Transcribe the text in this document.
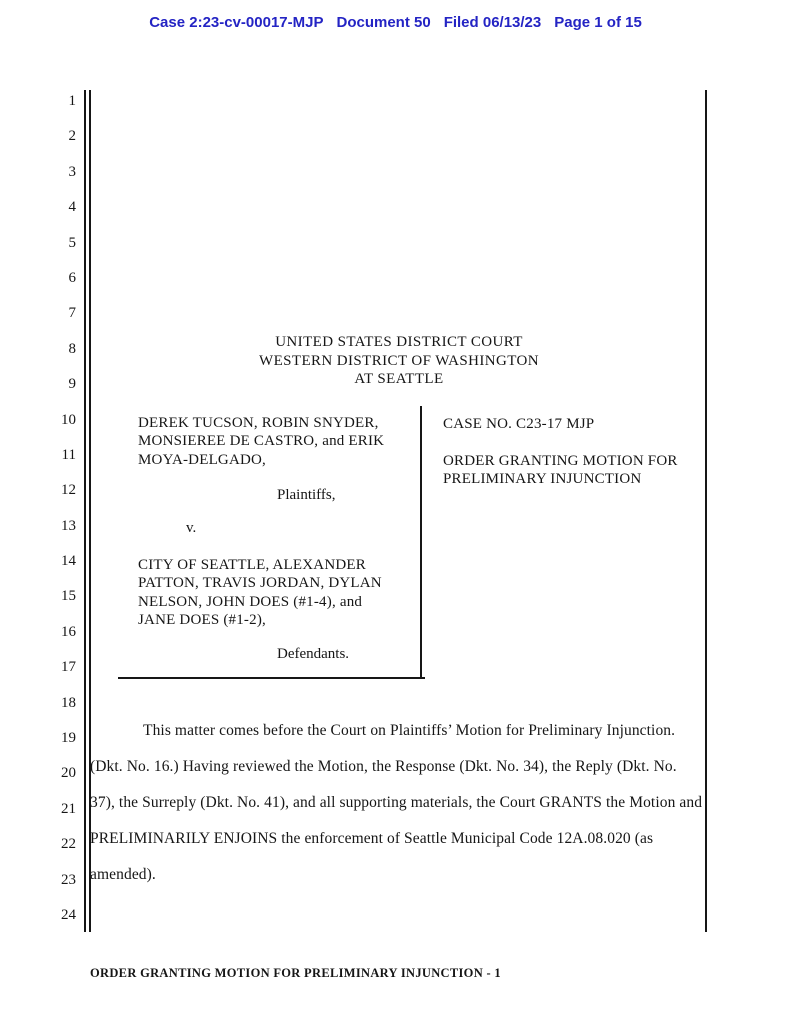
Case 2:23-cv-00017-MJP Document 50 Filed 06/13/23 Page 1 of 15
1
2
3
4
5
6
7
8
9
10
11
12
13
14
15
16
17
18
19
20
21
22
23
24
UNITED STATES DISTRICT COURT
WESTERN DISTRICT OF WASHINGTON
AT SEATTLE
DEREK TUCSON, ROBIN SNYDER,
MONSIEREE DE CASTRO, and ERIK
MOYA-DELGADO,
Plaintiffs,
v.
CITY OF SEATTLE, ALEXANDER
PATTON, TRAVIS JORDAN, DYLAN
NELSON, JOHN DOES (#1-4), and
JANE DOES (#1-2),
Defendants.
CASE NO. C23-17 MJP
ORDER GRANTING MOTION FOR
PRELIMINARY INJUNCTION
This matter comes before the Court on Plaintiffs’ Motion for Preliminary Injunction.
(Dkt. No. 16.) Having reviewed the Motion, the Response (Dkt. No. 34), the Reply (Dkt. No.
37), the Surreply (Dkt. No. 41), and all supporting materials, the Court GRANTS the Motion and
PRELIMINARILY ENJOINS the enforcement of Seattle Municipal Code 12A.08.020 (as
amended).
ORDER GRANTING MOTION FOR PRELIMINARY INJUNCTION - 1
